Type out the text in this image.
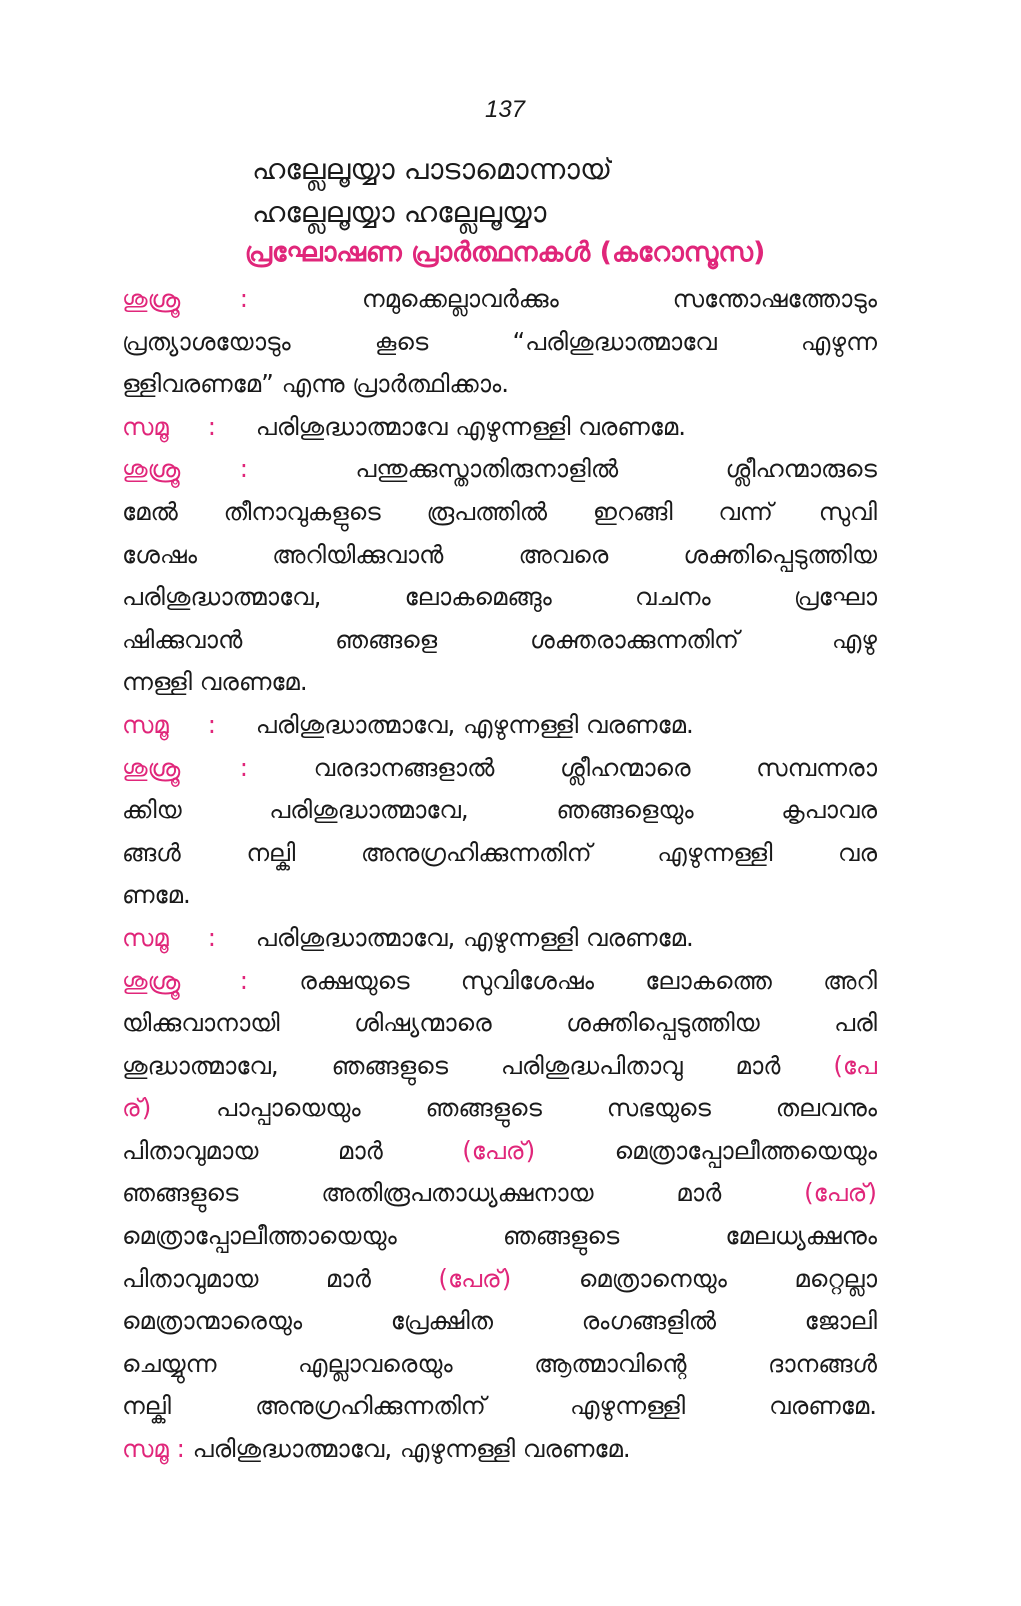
137
ഹല്ലേലൂയ്യാ പാടാമൊന്നായ്
ഹല്ലേലൂയ്യാ ഹല്ലേലൂയ്യാ
പ്രഘോഷണ പ്രാർത്ഥനകൾ (കറോസൂസ)
ശുശ്രൂ :	നമുക്കെല്ലാവർക്കും സന്തോഷത്തോടും
പ്രത്യാശയോടും കൂടെ “പരിശുദ്ധാത്മാവേ എഴുന്ന
ള്ളിവരണമേ” എന്നു പ്രാർത്ഥിക്കാം.
സമൂ : പരിശുദ്ധാത്മാവേ എഴുന്നള്ളി വരണമേ.
ശുശ്രൂ :	പന്തുക്കുസ്താതിരുനാളിൽ ശ്ലീഹന്മാരുടെ
മേൽ തീനാവുകളുടെ രൂപത്തിൽ ഇറങ്ങി വന്ന് സുവി
ശേഷം അറിയിക്കുവാൻ അവരെ ശക്തിപ്പെടുത്തിയ
പരിശുദ്ധാത്മാവേ, ലോകമെങ്ങും വചനം പ്രഘോ
ഷിക്കുവാൻ ഞങ്ങളെ ശക്തരാക്കുന്നതിന് എഴു
ന്നള്ളി വരണമേ.
സമൂ : പരിശുദ്ധാത്മാവേ, എഴുന്നള്ളി വരണമേ.
ശുശ്രൂ :	വരദാനങ്ങളാൽ ശ്ലീഹന്മാരെ സമ്പന്നരാ
ക്കിയ പരിശുദ്ധാത്മാവേ, ഞങ്ങളെയും കൃപാവര
ങ്ങൾ നല്കി അനുഗ്രഹിക്കുന്നതിന് എഴുന്നള്ളി വര
ണമേ.
സമൂ : പരിശുദ്ധാത്മാവേ, എഴുന്നള്ളി വരണമേ.
ശുശ്രൂ : രക്ഷയുടെ സുവിശേഷം ലോകത്തെ അറി
യിക്കുവാനായി ശിഷ്യന്മാരെ ശക്തിപ്പെടുത്തിയ പരി
ശുദ്ധാത്മാവേ, ഞങ്ങളുടെ പരിശുദ്ധപിതാവു മാർ (പേ
ര്)	പാപ്പായെയും ഞങ്ങളുടെ സഭയുടെ തലവനും
പിതാവുമായ മാർ	(പേര്)	മെത്രാപ്പോലീത്തയെയും
ഞങ്ങളുടെ അതിരൂപതാധ്യക്ഷനായ മാർ	(പേര്)
മെത്രാപ്പോലീത്തായെയും ഞങ്ങളുടെ മേലധ്യക്ഷനും
പിതാവുമായ മാർ	(പേര്)	മെത്രാനെയും മറ്റെല്ലാ
മെത്രാന്മാരെയും പ്രേക്ഷിത രംഗങ്ങളിൽ ജോലി
ചെയ്യുന്ന എല്ലാവരെയും ആത്മാവിന്റെ ദാനങ്ങൾ
നല്കി അനുഗ്രഹിക്കുന്നതിന് എഴുന്നള്ളി വരണമേ.
സമൂ : പരിശുദ്ധാത്മാവേ, എഴുന്നള്ളി വരണമേ.
